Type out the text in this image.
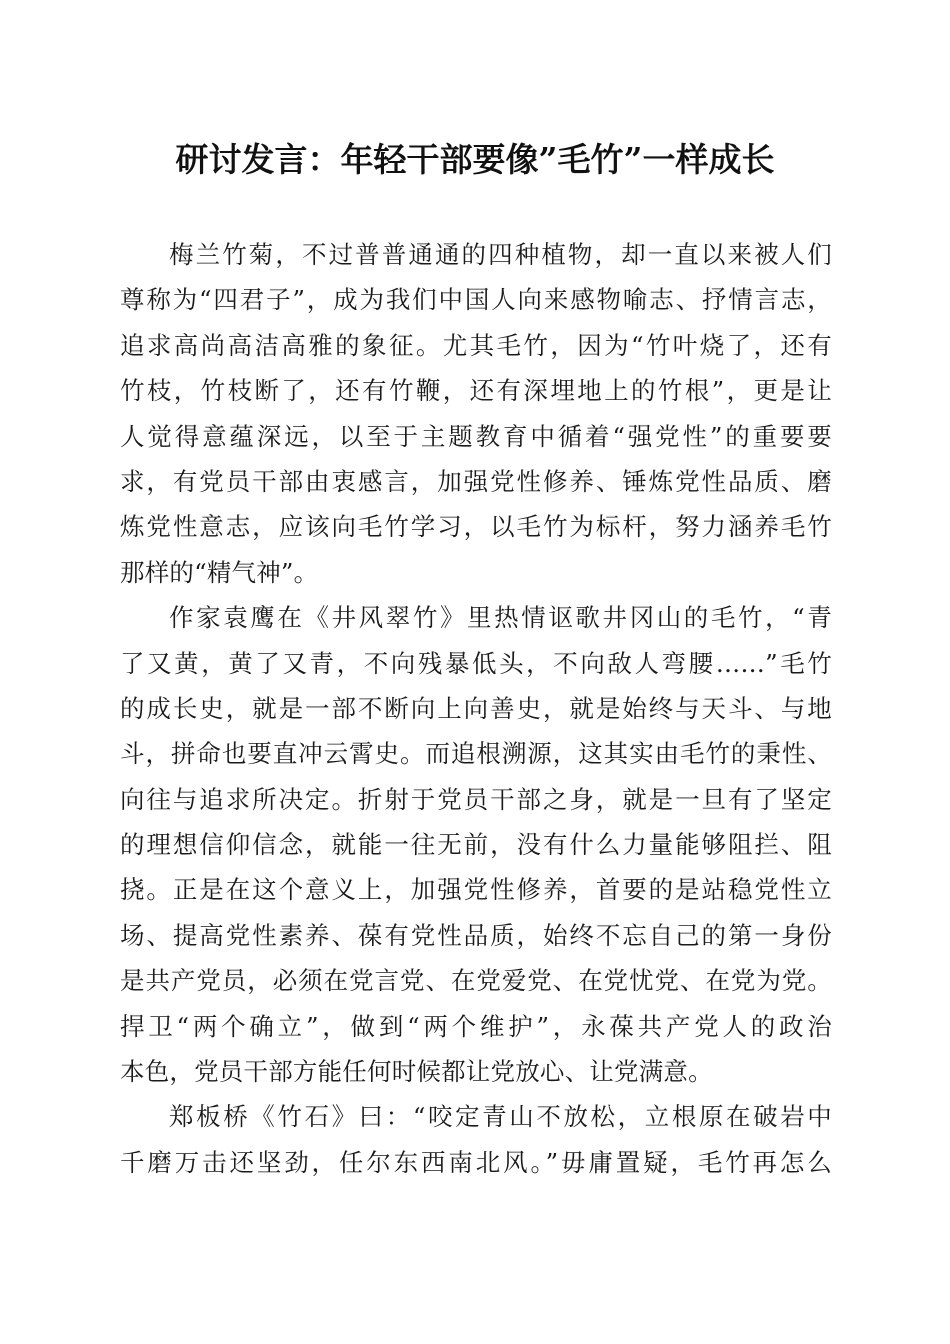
研讨发言：年轻干部要像”毛竹”一样成长
梅兰竹菊，不过普普通通的四种植物，却一直以来被人们
尊称为“四君子”，成为我们中国人向来感物喻志、抒情言志，
追求高尚高洁高雅的象征。尤其毛竹，因为“竹叶烧了，还有
竹枝，竹枝断了，还有竹鞭，还有深埋地上的竹根”，更是让
人觉得意蕴深远，以至于主题教育中循着“强党性”的重要要
求，有党员干部由衷感言，加强党性修养、锤炼党性品质、磨
炼党性意志，应该向毛竹学习，以毛竹为标杆，努力涵养毛竹
那样的“精气神”。
作家袁鹰在《井风翠竹》里热情讴歌井冈山的毛竹，“青
了又黄，黄了又青，不向残暴低头，不向敌人弯腰……”毛竹
的成长史，就是一部不断向上向善史，就是始终与天斗、与地
斗，拼命也要直冲云霄史。而追根溯源，这其实由毛竹的秉性、
向往与追求所决定。折射于党员干部之身，就是一旦有了坚定
的理想信仰信念，就能一往无前，没有什么力量能够阻拦、阻
挠。正是在这个意义上，加强党性修养，首要的是站稳党性立
场、提高党性素养、葆有党性品质，始终不忘自己的第一身份
是共产党员，必须在党言党、在党爱党、在党忧党、在党为党。
捍卫“两个确立”，做到“两个维护”，永葆共产党人的政治
本色，党员干部方能任何时候都让党放心、让党满意。
郑板桥《竹石》曰：“咬定青山不放松，立根原在破岩中
千磨万击还坚劲，任尔东西南北风。”毋庸置疑，毛竹再怎么
